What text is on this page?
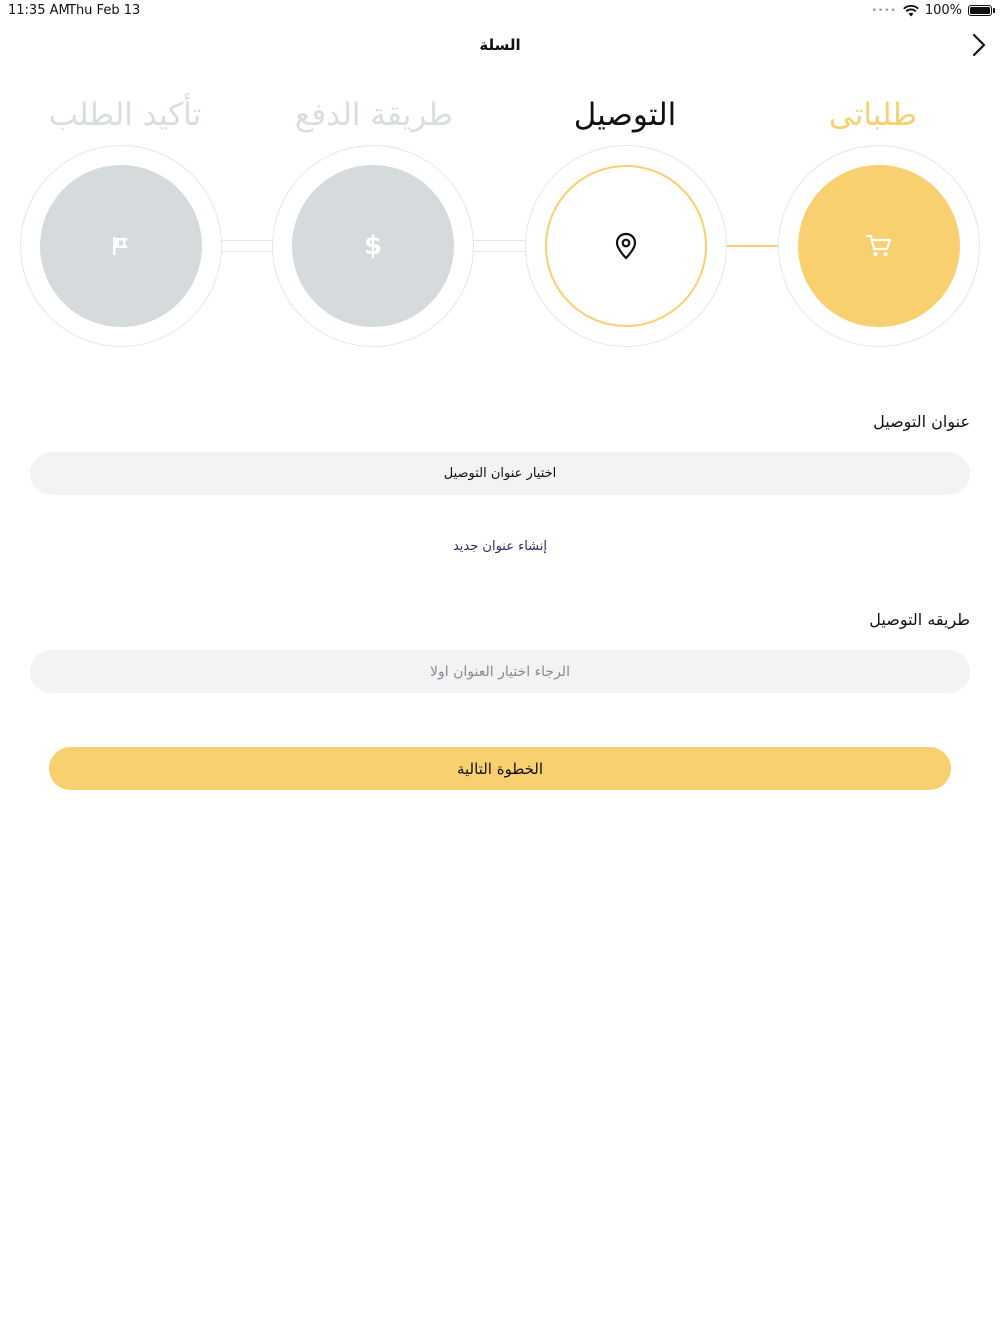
11:35 AM
Thu Feb 13	•••• 100%
السلة
تأكيد الطلب	طريقة الدفع
$
التوصيل	طلباتى
عنوان التوصيل
اختيار عنوان التوصيل
إنشاء عنوان جديد
طريقه التوصيل
الرجاء اختيار العنوان اولا
الخطوة التالية
